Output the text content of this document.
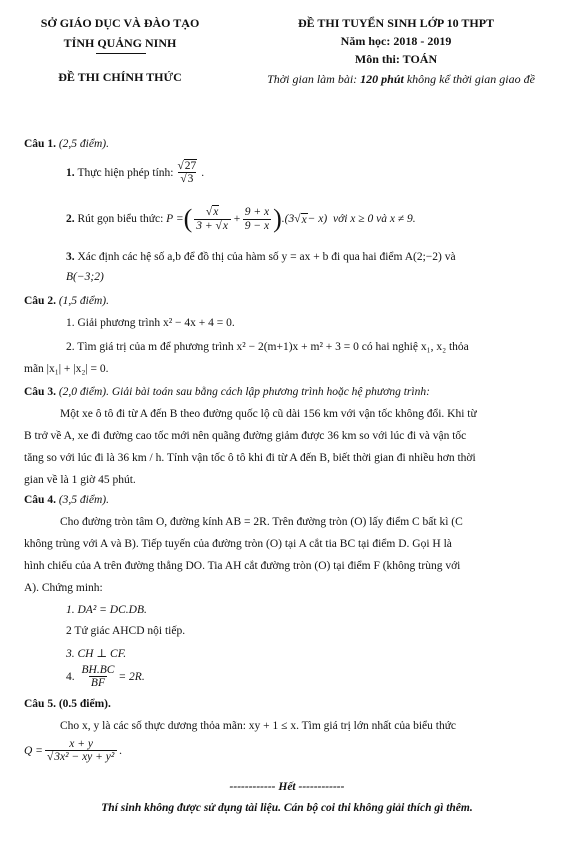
SỞ GIÁO DỤC VÀ ĐÀO TẠO
TỈNH QUẢNG NINH
ĐỀ THI CHÍNH THỨC
ĐỀ THI TUYỂN SINH LỚP 10 THPT
Năm học: 2018 - 2019
Môn thi: TOÁN
Thời gian làm bài: 120 phút không kể thời gian giao đề
Câu 1. (2,5 điểm).
1.
Thực hiện phép tính: $\frac{√27}{√3}$ .
2.
Rút gọn biểu thức:
P = ( $\frac{√x}{3 + √x} + \frac{9 + x}{9 - x}$ ) .(3√ x − x)
với x ≥ 0 và x ≠ 9.
3. Xác định các hệ số a,b để đồ thị của hàm số y = ax + b đi qua hai điểm A(2;−2) và
B(−3;2)
Câu 2. (1,5 điểm).
1. Giải phương trình x² − 4x + 4 = 0.
2. Tìm giá trị của m để phương trình x² − 2(m+1)x + m² + 3 = 0 có hai nghiệ x₁, x₂ thỏa
mãn |x₁| + |x₂| = 0.
Câu 3. (2,0 điểm). Giải bài toán sau bằng cách lập phương trình hoặc hệ phương trình:
Một xe ô tô đi từ A đến B theo đường quốc lộ cũ dài 156 km với vận tốc không đổi. Khi từ
B trở về A, xe đi đường cao tốc mới nên quãng đường giảm được 36 km so với lúc đi và vận tốc
tăng so với lúc đi là 36 km / h. Tính vận tốc ô tô khi đi từ A đến B, biết thời gian đi nhiều hơn thời
gian về là 1 giờ 45 phút.
Câu 4. (3,5 điểm).
Cho đường tròn tâm O, đường kính AB = 2R. Trên đường tròn (O) lấy điểm C bất kì (C
không trùng với A và B). Tiếp tuyến của đường tròn (O) tại A cắt tia BC tại điểm D. Gọi H là
hình chiếu của A trên đường thẳng DO. Tia AH cắt đường tròn (O) tại điểm F (không trùng với
A). Chứng minh:
1. DA² = DC.DB.
2 Tứ giác AHCD nội tiếp.
3. CH ⊥ CF.
4.
$\frac{BH.BC}{BF} = 2R$.
Câu 5. (0.5 điểm).
Cho x, y là các số thực dương thỏa mãn: xy + 1 ≤ x. Tìm giá trị lớn nhất của biểu thức
$Q = \frac{x + y}{\text{√3x² − xy + y²}}$ .
------------ Hết ------------
Thí sinh không được sử dụng tài liệu. Cán bộ coi thi không giải thích gì thêm.
